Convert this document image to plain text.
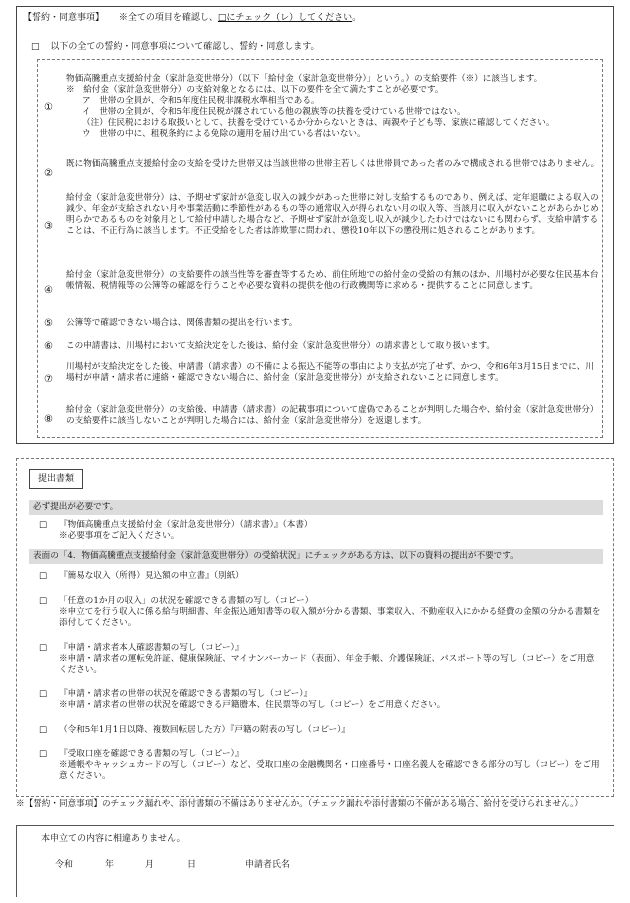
【誓約・同意事項】 ※全ての項目を確認し、□にチェック（レ）してください。
□ 以下の全ての誓約・同意事項について確認し、誓約・同意します。
①

物価高騰重点支援給付金（家計急変世帯分）（以下「給付金（家計急変世帯分）」という。）の支給要件（※）に該当します。

※　給付金（家計急変世帯分）の支給対象となるには、以下の要件を全て満たすことが必要です。

ア　世帯の全員が、令和5年度住民税非課税水準相当である。

イ　世帯の全員が、令和5年度住民税が課されている他の親族等の扶養を受けている世帯ではない。

（注）住民税における取扱いとして、扶養を受けているか分からないときは、両親や子ども等、家族に確認してください。

ウ　世帯の中に、租税条約による免除の適用を届け出ている者はいない。

②

既に物価高騰重点支援給付金の支給を受けた世帯又は当該世帯の世帯主若しくは世帯員であった者のみで構成される世帯ではありません。

③

給付金（家計急変世帯分）は、予期せず家計が急変し収入の減少があった世帯に対し支給するものであり、例えば、定年退職による収入の減少、年金が支給されない月や事業活動に季節性があるもの等の通常収入が得られない月の収入等、当該月に収入がないことがあらかじめ明らかであるものを対象月として給付申請した場合など、予期せず家計が急変し収入が減少したわけではないにも関わらず、支給申請することは、不正行為に該当します。不正受給をした者は詐欺罪に問われ、懲役10年以下の懲役刑に処されることがあります。

④

給付金（家計急変世帯分）の支給要件の該当性等を審査等するため、前住所地での給付金の受給の有無のほか、川場村が必要な住民基本台帳情報、税情報等の公簿等の確認を行うことや必要な資料の提供を他の行政機関等に求める・提供することに同意します。

⑤ 公簿等で確認できない場合は、関係書類の提出を行います。

⑥ この申請書は、川場村において支給決定をした後は、給付金（家計急変世帯分）の請求書として取り扱います。

⑦

川場村が支給決定をした後、申請書（請求書）の不備による振込不能等の事由により支払が完了せず、かつ、令和6年3月15日までに、川場村が申請・請求者に連絡・確認できない場合に、給付金（家計急変世帯分）が支給されないことに同意します。

⑧

給付金（家計急変世帯分）の支給後、申請書（請求書）の記載事項について虚偽であることが判明した場合や、給付金（家計急変世帯分）の支給要件に該当しないことが判明した場合には、給付金（家計急変世帯分）を返還します。

提出書類
必ず提出が必要です。
□ 『物価高騰重点支援給付金（家計急変世帯分）（請求書）』（本書）
※必要事項をご記入ください。
表面の「4．物価高騰重点支援給付金（家計急変世帯分）の受給状況」にチェックがある方は、以下の資料の提出が不要です。
□ 『簡易な収入（所得）見込額の申立書』（別紙）
□ 「任意の1か月の収入」の状況を確認できる書類の写し（コピー）
※申立てを行う収入に係る給与明細書、年金振込通知書等の収入額が分かる書類、事業収入、不動産収入にかかる経費の金額の分かる書類を添付してください。
□ 『申請・請求者本人確認書類の写し（コピー）』
※申請・請求者の運転免許証、健康保険証、マイナンバーカード（表面）、年金手帳、介護保険証、パスポート等の写し（コピー）をご用意ください。
□ 『申請・請求者の世帯の状況を確認できる書類の写し（コピー）』
※申請・請求者の世帯の状況を確認できる戸籍謄本、住民票等の写し（コピー）をご用意ください。
□ （令和5年1月1日以降、複数回転居した方）『戸籍の附表の写し（コピー）』
□ 『受取口座を確認できる書類の写し（コピー）』
※通帳やキャッシュカードの写し（コピー）など、受取口座の金融機関名・口座番号・口座名義人を確認できる部分の写し（コピー）をご用意ください。
※【誓約・同意事項】のチェック漏れや、添付書類の不備はありませんか。（チェック漏れや添付書類の不備がある場合、給付を受けられません。）
本申立ての内容に相違ありません。
令和	年	月	日	申請者氏名
